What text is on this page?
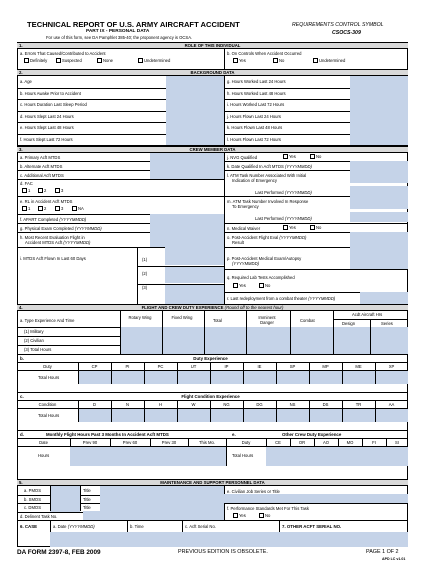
TECHNICAL REPORT OF U.S. ARMY AIRCRAFT ACCIDENT
PART IX - PERSONAL DATA
For use of this form, see DA Pamphlet 385-40; the proponent agency is OCSA.
REQUIREMENTS CONTROL SYMBOL
CSOCS-309
1.	ROLE OF THIS INDIVIDUAL
a. Errors That Caused/Contributed to Accident
Definitely	Suspected	None	Undetermined
b. On Controls When Accident Occurred
Yes	No	Undetermined
2.	BACKGROUND DATA
a. Age	g. Hours Worked Last 24 Hours
b. Hours Awake Prior to Accident	h. Hours Worked Last 48 Hours
c. Hours Duration Last Sleep Period	i. Hours Worked Last 72 Hours
d. Hours Slept Last 24 Hours	j. Hours Flown Last 24 Hours
e. Hours Slept Last 48 Hours	k. Hours Flown Last 48 Hours
f. Hours Slept Last 72 Hours	l. Hours Flown Last 72 Hours
3.	CREW MEMBER DATA
a. Primary Acft MTDS
b. Alternate Acft MTDS
c. Additional Acft MTDS
d. FAC
1	2	3
e. RL in Accident Acft MTDS
1	2	3	NA
f. APART Completed (YYYYMMDD)
g. Physical Exam Completed (YYYYMMDD)
h. Most Recent Evaluation Flight in
Accident MTDS Acft (YYYYMMDD)
i. MTDS Acft Flown In Last 60 Days	(1)
(2)
(3)
j. NVG Qualified	Yes	No
k. Date Qualified In Acft MTDS (YYYYMMDD)
l. ATM Task Number Associated With Initial
Indication of Emergency
Last Performed (YYYYMMDD)
m. ATM Task Number Involved In Response
To Emergency
Last Performed (YYYYMMDD)
n. Medical Waiver	Yes	No
o. Post-Accident Flight Eval (YYYYMMDD)
Result
p. Post-Accident Medical Exam/Autopsy
(YYYYMMDD)
q. Required Lab Tests Accomplished
Yes	No
r. Last redeployment from a combat theater (YYYYMMDD)
4.	FLIGHT AND CREW DUTY EXPERIENCE (Round off to the nearest hour)
a. Type Experience And Time
Rotary Wing	Fixed Wing
Total
Imminent Danger	Combat
Acdt Aircraft Hrs
Design	Series
(1) Military
(2) Civilian
(3) Total Hours
b.	Duty Experience
Duty	CP	PI	PC	UT	IP	IE	SP	MP	ME	XP
Total Hours
c.	Flight Condition Experience
Condition	D	N	H	W	NG	DG	NS	DS	TR	AA
Total Hours
d.	Monthly Flight Hours Past 3 Months In Accident Acft MTDS	e.	Other Crew Duty Experience
Date	Prev 90	Prev 60	Prev 30	This Mo.
Hours
Duty	CE	OR	AO	MO	FI	SI
Total Hours
5.	MAINTENANCE AND SUPPORT PERSONNEL DATA
a. PMOS	Title
b. SMOS	Title
c. DMOS	Title
d. Delinent Task No.
e. Civilian Job Series or Title
f. Performance Standards Met For This Task
Yes	No
6. CASE	a. Date (YYYYMMDD)	b. Time	c. Acft Serial No.	7. OTHER ACFT SERIAL NO.
DA FORM 2397-8, FEB 2009	PREVIOUS EDITION IS OBSOLETE.	PAGE 1 OF 2
APD LC v1.01
